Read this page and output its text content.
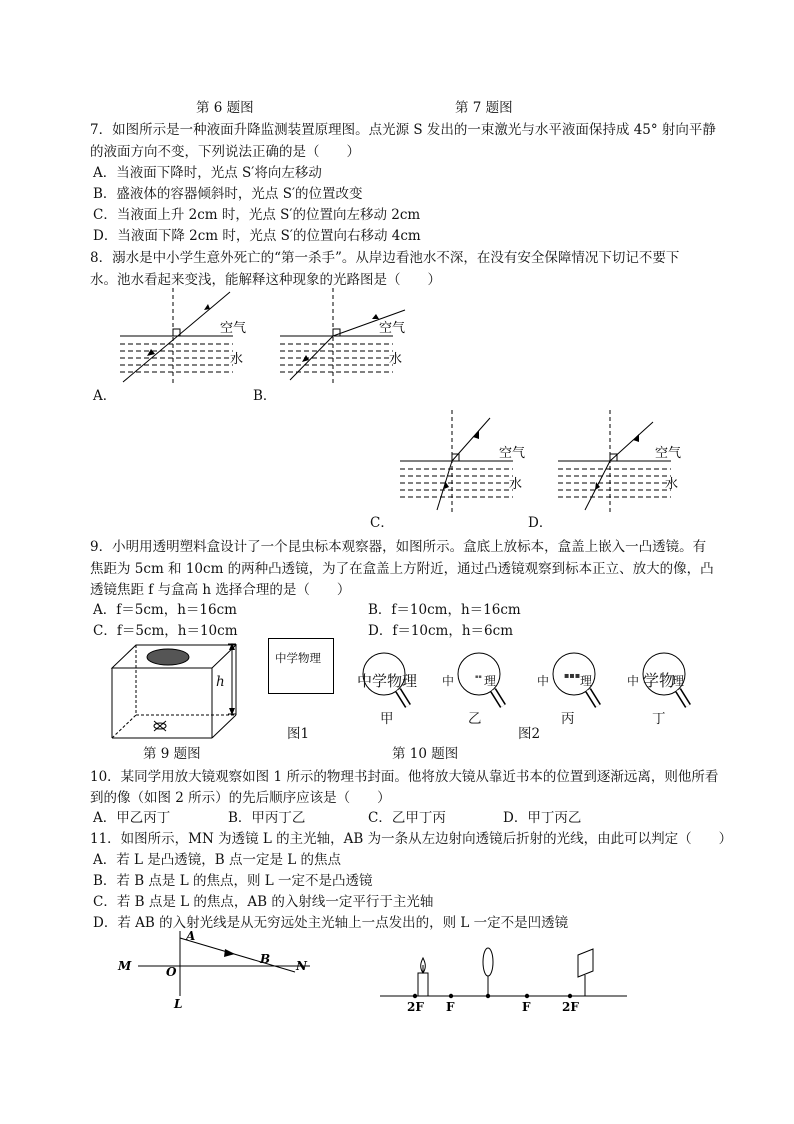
第 6 题图	第 7 题图
7．如图所示是一种液面升降监测装置原理图。点光源 S 发出的一束激光与水平液面保持成 45° 射向平静
的液面方向不变，下列说法正确的是（　　）
A．当液面下降时，光点 S′将向左移动
B．盛液体的容器倾斜时，光点 S′的位置改变
C．当液面上升 2cm 时，光点 S′的位置向左移动 2cm
D．当液面下降 2cm 时，光点 S′的位置向右移动 4cm
8．溺水是中小学生意外死亡的“第一杀手”。从岸边看池水不深，在没有安全保障情况下切记不要下
水。池水看起来变浅，能解释这种现象的光路图是（　　）
空气
水
A．
空气
水
B．
空气
水
C．
空气
水
D．
9．小明用透明塑料盒设计了一个昆虫标本观察器，如图所示。盒底上放标本，盒盖上嵌入一凸透镜。有
焦距为 5cm 和 10cm 的两种凸透镜，为了在盒盖上方附近，通过凸透镜观察到标本正立、放大的像，凸
透镜焦距 f 与盒高 h 选择合理的是（　　）
A．f＝5cm，h＝16cm	B．f＝10cm，h＝16cm
C．f＝5cm，h＝10cm	D．f＝10cm，h＝6cm
h
中学物理
图1
中学物理
甲
▪▪
中 理
乙
▪▪▪
中	理
丙
中 学物
理
丁
图2
第 9 题图	第 10 题图
10．某同学用放大镜观察如图 1 所示的物理书封面。他将放大镜从靠近书本的位置到逐渐远离，则他所看
到的像（如图 2 所示）的先后顺序应该是（　　）
A．甲乙丙丁	B．甲丙丁乙	C．乙甲丁丙	D．甲丁丙乙
11．如图所示，MN 为透镜 L 的主光轴，AB 为一条从左边射向透镜后折射的光线，由此可以判定（　　）
A．若 L 是凸透镜，B 点一定是 L 的焦点
B．若 B 点是 L 的焦点，则 L 一定不是凸透镜
C．若 B 点是 L 的焦点，AB 的入射线一定平行于主光轴
D．若 AB 的入射光线是从无穷远处主光轴上一点发出的，则 L 一定不是凹透镜
A
B
M	N
O
L	2F F	F	2F
